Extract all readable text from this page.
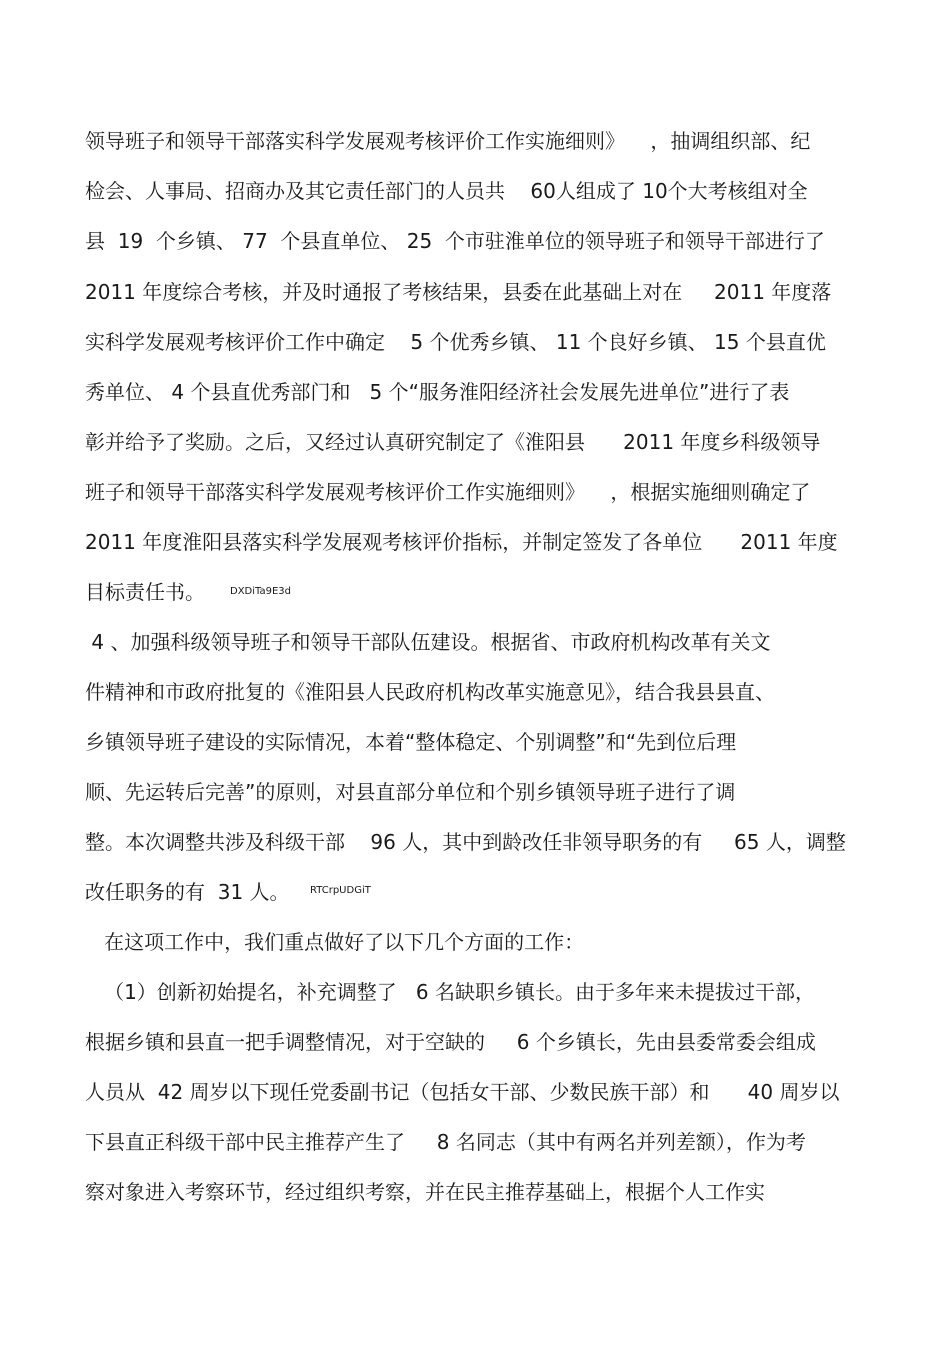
领导班子和领导干部落实科学发展观考核评价工作实施细则》    ，抽调组织部、纪
检会、人事局、招商办及其它责任部门的人员共    60人组成了 10个大考核组对全
县  19  个乡镇、 77  个县直单位、 25  个市驻淮单位的领导班子和领导干部进行了
2011 年度综合考核，并及时通报了考核结果，县委在此基础上对在     2011 年度落
实科学发展观考核评价工作中确定    5 个优秀乡镇、 11 个良好乡镇、 15 个县直优
秀单位、 4 个县直优秀部门和   5 个“服务淮阳经济社会发展先进单位”进行了表
彰并给予了奖励。之后，又经过认真研究制定了《淮阳县      2011 年度乡科级领导
班子和领导干部落实科学发展观考核评价工作实施细则》    ，根据实施细则确定了
2011 年度淮阳县落实科学发展观考核评价指标，并制定签发了各单位      2011 年度
目标责任书。	DXDiTa9E3d
4 、加强科级领导班子和领导干部队伍建设。根据省、市政府机构改革有关文
件精神和市政府批复的《淮阳县人民政府机构改革实施意见》，结合我县县直、
乡镇领导班子建设的实际情况，本着“整体稳定、个别调整”和“先到位后理
顺、先运转后完善”的原则，对县直部分单位和个别乡镇领导班子进行了调
整。本次调整共涉及科级干部    96 人，其中到龄改任非领导职务的有     65 人，调整
改任职务的有  31 人。	RTCrpUDGiT
在这项工作中，我们重点做好了以下几个方面的工作：
（1）创新初始提名，补充调整了   6 名缺职乡镇长。由于多年来未提拔过干部，
根据乡镇和县直一把手调整情况，对于空缺的     6 个乡镇长，先由县委常委会组成
人员从  42 周岁以下现任党委副书记（包括女干部、少数民族干部）和      40 周岁以
下县直正科级干部中民主推荐产生了     8 名同志（其中有两名并列差额），作为考
察对象进入考察环节，经过组织考察，并在民主推荐基础上，根据个人工作实
